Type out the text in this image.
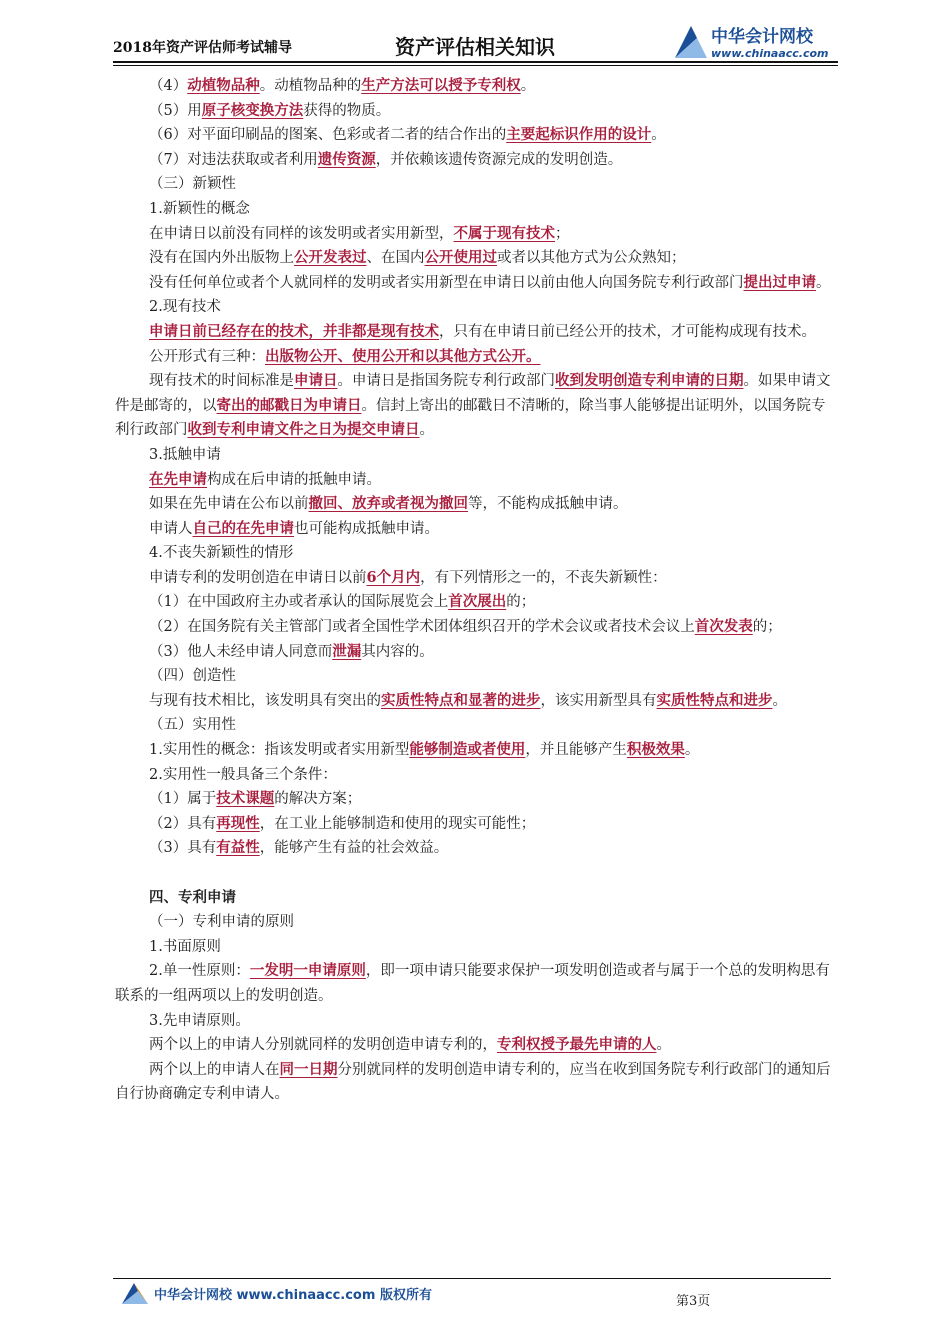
2018年资产评估师考试辅导	资产评估相关知识	中华会计网校
www.chinaacc.com

（4）动植物品种。动植物品种的生产方法可以授予专利权。

（5）用原子核变换方法获得的物质。

（6）对平面印刷品的图案、色彩或者二者的结合作出的主要起标识作用的设计。

（7）对违法获取或者利用遗传资源，并依赖该遗传资源完成的发明创造。

（三）新颖性

1.新颖性的概念

在申请日以前没有同样的该发明或者实用新型，不属于现有技术；

没有在国内外出版物上公开发表过、在国内公开使用过或者以其他方式为公众熟知；

没有任何单位或者个人就同样的发明或者实用新型在申请日以前由他人向国务院专利行政部门提出过申请。

2.现有技术

申请日前已经存在的技术，并非都是现有技术，只有在申请日前已经公开的技术，才可能构成现有技术。

公开形式有三种：出版物公开、使用公开和以其他方式公开。

现有技术的时间标准是申请日。申请日是指国务院专利行政部门收到发明创造专利申请的日期。如果申请文件是邮寄的，以寄出的邮戳日为申请日。信封上寄出的邮戳日不清晰的，除当事人能够提出证明外，以国务院专利行政部门收到专利申请文件之日为提交申请日。

3.抵触申请

在先申请构成在后申请的抵触申请。

如果在先申请在公布以前撤回、放弃或者视为撤回等，不能构成抵触申请。

申请人自己的在先申请也可能构成抵触申请。

4.不丧失新颖性的情形

申请专利的发明创造在申请日以前6个月内，有下列情形之一的，不丧失新颖性：

（1）在中国政府主办或者承认的国际展览会上首次展出的；

（2）在国务院有关主管部门或者全国性学术团体组织召开的学术会议或者技术会议上首次发表的；

（3）他人未经申请人同意而泄漏其内容的。

（四）创造性

与现有技术相比，该发明具有突出的实质性特点和显著的进步，该实用新型具有实质性特点和进步。

（五）实用性

1.实用性的概念：指该发明或者实用新型能够制造或者使用，并且能够产生积极效果。

2.实用性一般具备三个条件：

（1）属于技术课题的解决方案；

（2）具有再现性，在工业上能够制造和使用的现实可能性；

（3）具有有益性，能够产生有益的社会效益。

四、专利申请

（一）专利申请的原则

1.书面原则

2.单一性原则：一发明一申请原则，即一项申请只能要求保护一项发明创造或者与属于一个总的发明构思有联系的一组两项以上的发明创造。

3.先申请原则。

两个以上的申请人分别就同样的发明创造申请专利的，专利权授予最先申请的人。

两个以上的申请人在同一日期分别就同样的发明创造申请专利的，应当在收到国务院专利行政部门的通知后自行协商确定专利申请人。

中华会计网校 www.chinaacc.com 版权所有	第3页
